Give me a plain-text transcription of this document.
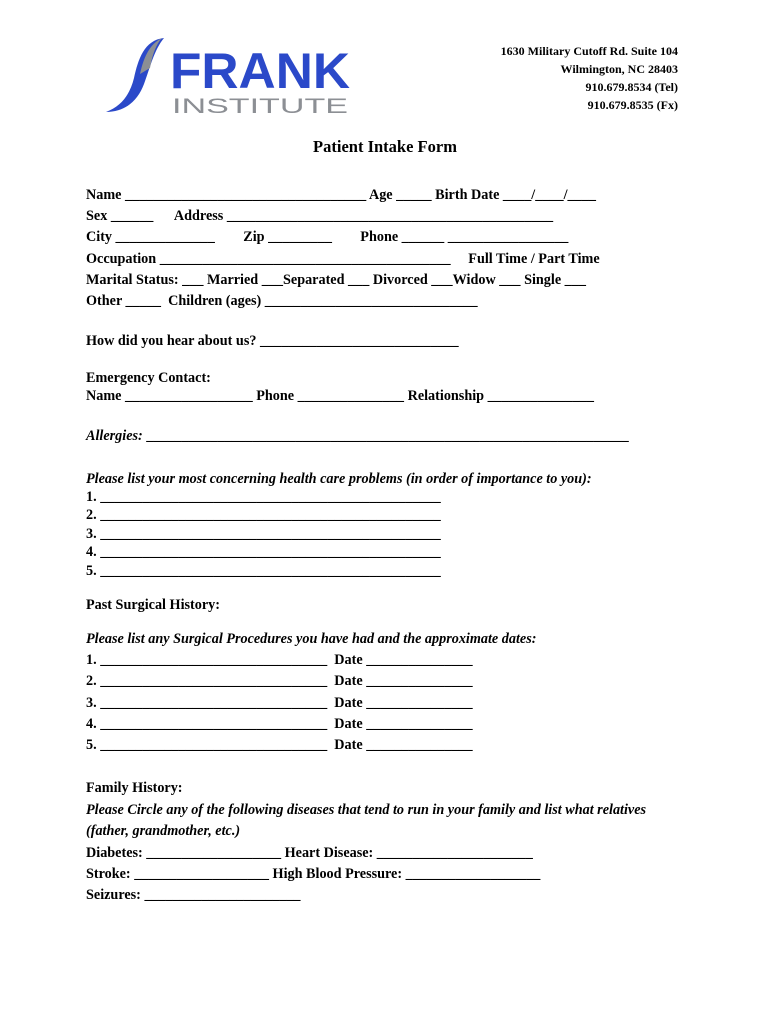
FRANK
INSTITUTE
1630 Military Cutoff Rd. Suite 104
Wilmington, NC 28403
910.679.8534 (Tel)
910.679.8535 (Fx)
Patient Intake Form
Name __________________________________ Age _____ Birth Date ____/____/____
Sex ______      Address ______________________________________________
City ______________        Zip _________        Phone ______ _________________
Occupation _________________________________________     Full Time / Part Time
Marital Status: ___ Married ___Separated ___ Divorced ___Widow ___ Single ___
Other _____  Children (ages) ______________________________
How did you hear about us? ____________________________
Emergency Contact:
Name __________________ Phone _______________ Relationship _______________
Allergies: ____________________________________________________________________
Please list your most concerning health care problems (in order of importance to you):
1. ________________________________________________
2. ________________________________________________
3. ________________________________________________
4. ________________________________________________
5. ________________________________________________
Past Surgical History:
Please list any Surgical Procedures you have had and the approximate dates:
1. ________________________________  Date _______________
2. ________________________________  Date _______________
3. ________________________________  Date _______________
4. ________________________________  Date _______________
5. ________________________________  Date _______________
Family History:
Please Circle any of the following diseases that tend to run in your family and list what relatives
(father, grandmother, etc.)
Diabetes: ___________________ Heart Disease: ______________________
Stroke: ___________________ High Blood Pressure: ___________________
Seizures: ______________________
